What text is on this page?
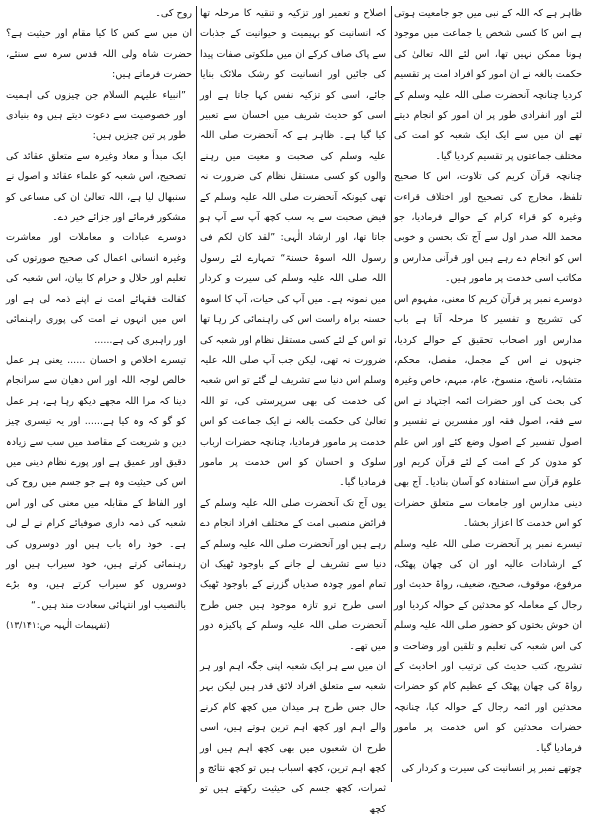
ظاہر ہے کہ اللہ کے نبی میں جو جامعیت ہوتی ہے اس کا کسی شخص یا جماعت میں موجود ہونا ممکن نہیں تھا، اس لئے اللہ تعالیٰ کی حکمت بالغہ نے ان امور کو افراد امت پر تقسیم کردیا چنانچہ آنحضرت صلی اللہ علیہ وسلم کے لئے اور انفرادی طور پر ان امور کو انجام دیتے تھے ان میں سے ایک ایک شعبہ کو امت کی مختلف جماعتوں پر تقسیم کردیا گیا۔

چنانچہ قرآن کریم کی تلاوت، اس کا صحیح تلفظ، مخارج کی تصحیح اور اختلاف قراءت وغیرہ کو قراء کرام کے حوالے فرمادیا، جو محمد اللہ صدر اول سے آج تک بحسن و خوبی اس کو انجام دے رہے ہیں اور قرآنی مدارس و مکاتب اسی خدمت پر مامور ہیں۔

دوسرے نمبر پر قرآن کریم کا معنی، مفہوم اس کی تشریح و تفسیر کا مرحلہ آتا ہے باب مدارس اور اصحاب تحقیق کے حوالے کردیا، جنہوں نے اس کے مجمل، مفصل، محکم، متشابہ، ناسخ، منسوخ، عام، مبہم، خاص وغیرہ کی بحث کی اور حضرات ائمہ اجتہاد نے اس سے فقہ، اصول فقہ اور مفسرین نے تفسیر و اصول تفسیر کے اصول وضع کئے اور اس علم کو مدون کر کے امت کے لئے قرآن کریم اور علوم قرآن سے استفادہ کو آسان بنادیا۔ آج بھی دینی مدارس اور جامعات سے متعلق حضرات کو اس خدمت کا اعزاز بخشا۔

تیسرے نمبر پر آنحضرت صلی اللہ علیہ وسلم کے ارشادات عالیہ اور ان کی چھان پھٹک، مرفوع، موقوف، صحیح، ضعیف، رواۃ حدیث اور رجال کے معاملہ کو محدثین کے حوالہ کردیا اور ان خوش بختوں کو حضور صلی اللہ علیہ وسلم کی اس شعبہ کی تعلیم و تلقین اور وضاحت و تشریح، کتب حدیث کی ترتیب اور احادیث کے رواۃ کی چھان پھٹک کے عظیم کام کو حضرات محدثین اور ائمہ رجال کے حوالہ کیا، چنانچہ حضرات محدثین کو اس خدمت پر مامور فرمادیا گیا۔

چوتھے نمبر پر انسانیت کی سیرت و کردار کی

اصلاح و تعمیر اور تزکیہ و تنقیہ کا مرحلہ تھا کہ انسانیت کو بہیمیت و حیوانیت کے جذبات سے پاک صاف کرکے ان میں ملکوتی صفات پیدا کی جائیں اور انسانیت کو رشک ملائک بنایا جائے، اسی کو تزکیہ نفس کہا جاتا ہے اور اسی کو حدیث شریف میں احسان سے تعبیر کیا گیا ہے۔ ظاہر ہے کہ آنحضرت صلی اللہ علیہ وسلم کی صحبت و معیت میں رہنے والوں کو کسی مستقل نظام کی ضرورت نہ تھی کیونکہ آنحضرت صلی اللہ علیہ وسلم کے فیض صحبت سے یہ سب کچھ آپ سے آپ ہو جاتا تھا، اور ارشاد الٰہی: ”لقد کان لکم فی رسول اللہ اسوۃ حسنۃ“ تمہارے لئے رسول اللہ صلی اللہ علیہ وسلم کی سیرت و کردار میں نمونہ ہے۔ میں آپ کی حیات، آپ کا اسوہ حسنہ براہ راست اس کی راہنمائی کر رہا تھا تو اس کے لئے کسی مستقل نظام اور شعبہ کی ضرورت نہ تھی، لیکن جب آپ صلی اللہ علیہ وسلم اس دنیا سے تشریف لے گئے تو اس شعبہ کی خدمت کی بھی سرپرستی کی، تو اللہ تعالیٰ کی حکمت بالغہ نے ایک جماعت کو اس خدمت پر مامور فرمادیا، چنانچہ حضرات ارباب سلوک و احسان کو اس خدمت پر مامور فرمادیا گیا۔

یوں آج تک آنحضرت صلی اللہ علیہ وسلم کے فرائض منصبی امت کے مختلف افراد انجام دے رہے ہیں اور آنحضرت صلی اللہ علیہ وسلم کے دنیا سے تشریف لے جانے کے باوجود ٹھیک ان تمام امور چودہ صدیاں گزرنے کے باوجود ٹھیک اسی طرح ترو تازہ موجود ہیں جس طرح آنحضرت صلی اللہ علیہ وسلم کے پاکیزہ دور میں تھے۔

ان میں سے ہر ایک شعبہ اپنی جگہ اہم اور ہر شعبہ سے متعلق افراد لائق قدر ہیں لیکن بہر حال جس طرح ہر میدان میں کچھ کام کرنے والے اہم اور کچھ اہم ترین ہوتے ہیں، اسی طرح ان شعبوں میں بھی کچھ اہم ہیں اور کچھ اہم ترین، کچھ اسباب ہیں تو کچھ نتائج و ثمرات، کچھ جسم کی حیثیت رکھتے ہیں تو کچھ

روح کی۔

ان میں سے کس کا کیا مقام اور حیثیت ہے؟ حضرت شاہ ولی اللہ قدس سرہ سے سنئے، حضرت فرماتے ہیں:

”انبیاء علیہم السلام جن چیزوں کی اہمیت اور خصوصیت سے دعوت دیتے ہیں وہ بنیادی طور پر تین چیزیں ہیں:

ایک مبدأ و معاد وغیرہ سے متعلق عقائد کی تصحیح، اس شعبہ کو علماء عقائد و اصول نے سنبھال لیا ہے، اللہ تعالیٰ ان کی مساعی کو مشکور فرمائے اور جزائے خیر دے۔

دوسرے عبادات و معاملات اور معاشرت وغیرہ انسانی اعمال کی صحیح صورتوں کی تعلیم اور حلال و حرام کا بیان، اس شعبہ کی کفالت فقہائے امت نے اپنے ذمہ لی ہے اور اس میں انہوں نے امت کی پوری راہنمائی اور راہبری کی ہے......

تیسرے اخلاص و احسان ...... یعنی ہر عمل خالص لوجہ اللہ اور اس دھیان سے سرانجام دینا کہ مرا اللہ مجھے دیکھ رہا ہے، ہر عمل کو گو کہ وہ کیا ہے...... اور یہ تیسری چیز دین و شریعت کے مقاصد میں سب سے زیادہ دقیق اور عمیق ہے اور پورے نظام دینی میں اس کی حیثیت وہ ہے جو جسم میں روح کی اور الفاظ کے مقابلہ میں معنی کی اور اس شعبہ کی ذمہ داری صوفیائے کرام نے لے لی ہے۔ خود راہ یاب ہیں اور دوسروں کی رہنمائی کرتے ہیں، خود سیراب ہیں اور دوسروں کو سیراب کرتے ہیں، وہ بڑے بالنصیب اور انتہائی سعادت مند ہیں۔“

(تفہیمات الٰہیہ ص:۱۳/۱۴۱)
